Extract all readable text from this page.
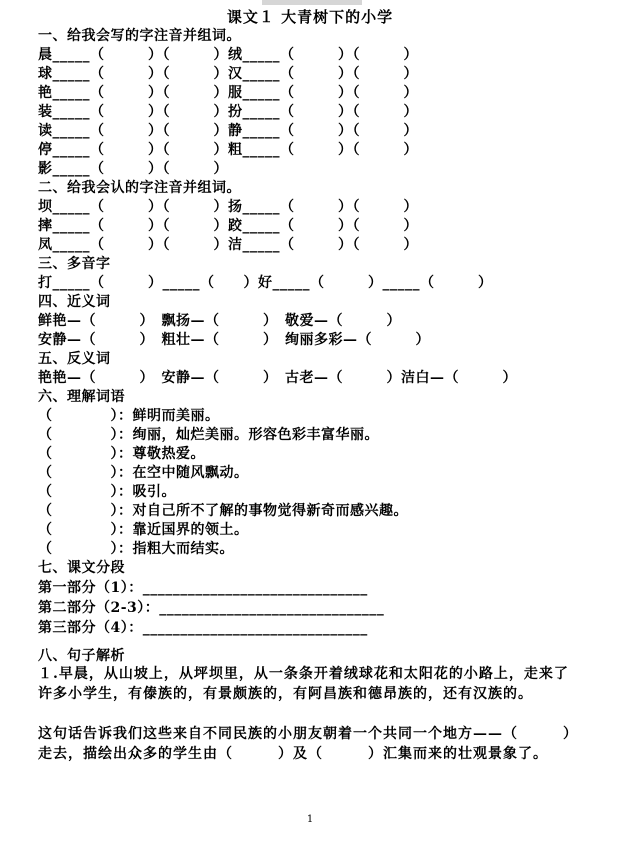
课文１ 大青树下的小学
一、给我会写的字注音并组词。
晨_____（　　　）（　　　）绒_____（　　　）（　　　）
球_____（　　　）（　　　）汉_____（　　　）（　　　）
艳_____（　　　）（　　　）服_____（　　　）（　　　）
装_____（　　　）（　　　）扮_____（　　　）（　　　）
读_____（　　　）（　　　）静_____（　　　）（　　　）
停_____（　　　）（　　　）粗_____（　　　）（　　　）
影_____（　　　）（　　　）
二、给我会认的字注音并组词。
坝_____（　　　）（　　　）扬_____（　　　）（　　　）
摔_____（　　　）（　　　）跤_____（　　　）（　　　）
凤_____（　　　）（　　　）洁_____（　　　）（　　　）
三、多音字
打_____（　　　）_____（　　）好_____（　　　）_____（　　　）
四、近义词
鲜艳—（　　　）　飘扬—（　　　）　敬爱—（　　　）
安静—（　　　）　粗壮—（　　　）　绚丽多彩—（　　　）
五、反义词
艳艳—（　　　）　安静—（　　　）　古老—（　　　）洁白—（　　　）
六、理解词语
（　　　　）：鲜明而美丽。
（　　　　）：绚丽，灿烂美丽。形容色彩丰富华丽。
（　　　　）：尊敬热爱。
（　　　　）：在空中随风飘动。
（　　　　）：吸引。
（　　　　）：对自己所不了解的事物觉得新奇而感兴趣。
（　　　　）：靠近国界的领土。
（　　　　）：指粗大而结实。
七、课文分段
第一部分（1）：______________________________
第二部分（2-3）：______________________________
第三部分（4）：______________________________
八、句子解析
１.早晨，从山坡上，从坪坝里，从一条条开着绒球花和太阳花的小路上，走来了许多小学生，有傣族的，有景颇族的，有阿昌族和德昂族的，还有汉族的。
这句话告诉我们这些来自不同民族的小朋友朝着一个共同一个地方——（　　　）走去，描绘出众多的学生由（　　　）及（　　　）汇集而来的壮观景象了。
1
